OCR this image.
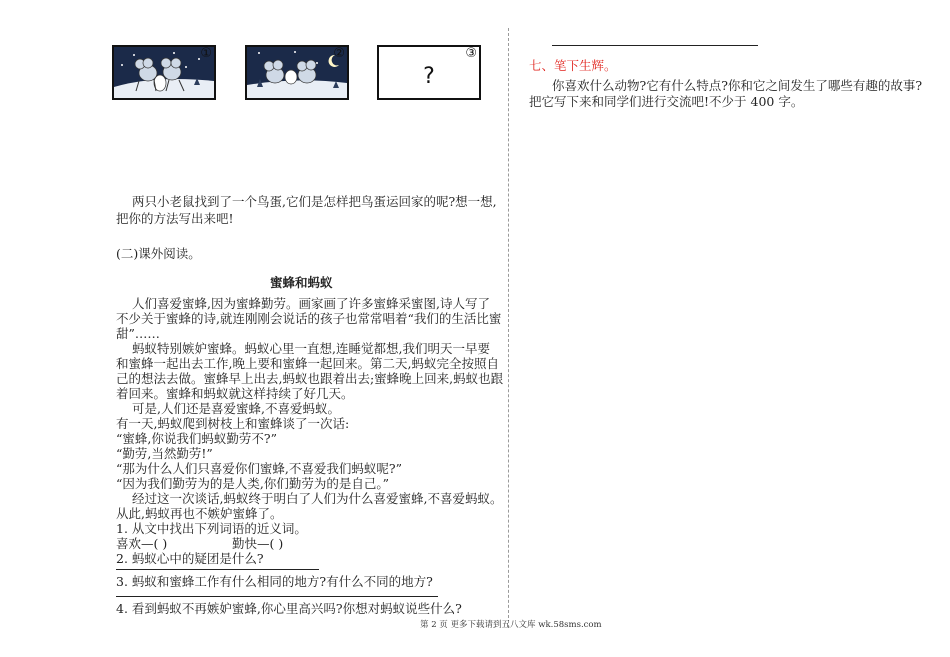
①	②	③
?
两只小老鼠找到了一个鸟蛋,它们是怎样把鸟蛋运回家的呢?想一想,
把你的方法写出来吧!
(二)课外阅读。
蜜蜂和蚂蚁
人们喜爱蜜蜂,因为蜜蜂勤劳。画家画了许多蜜蜂采蜜图,诗人写了
不少关于蜜蜂的诗,就连刚刚会说话的孩子也常常唱着“我们的生活比蜜
甜”……
蚂蚁特别嫉妒蜜蜂。蚂蚁心里一直想,连睡觉都想,我们明天一早要
和蜜蜂一起出去工作,晚上要和蜜蜂一起回来。第二天,蚂蚁完全按照自
己的想法去做。蜜蜂早上出去,蚂蚁也跟着出去;蜜蜂晚上回来,蚂蚁也跟
着回来。蜜蜂和蚂蚁就这样持续了好几天。
可是,人们还是喜爱蜜蜂,不喜爱蚂蚁。
有一天,蚂蚁爬到树枝上和蜜蜂谈了一次话:
“蜜蜂,你说我们蚂蚁勤劳不?”
“勤劳,当然勤劳!”
“那为什么人们只喜爱你们蜜蜂,不喜爱我们蚂蚁呢?”
“因为我们勤劳为的是人类,你们勤劳为的是自己。”
经过这一次谈话,蚂蚁终于明白了人们为什么喜爱蜜蜂,不喜爱蚂蚁。
从此,蚂蚁再也不嫉妒蜜蜂了。
1. 从文中找出下列词语的近义词。
喜欢—( )	勤快—( )
2. 蚂蚁心中的疑团是什么?
3. 蚂蚁和蜜蜂工作有什么相同的地方?有什么不同的地方?
4. 看到蚂蚁不再嫉妒蜜蜂,你心里高兴吗?你想对蚂蚁说些什么?
七、笔下生辉。
你喜欢什么动物?它有什么特点?你和它之间发生了哪些有趣的故事?
把它写下来和同学们进行交流吧!不少于 400 字。
第 2 页 更多下载请到五八文库 wk.58sms.com
